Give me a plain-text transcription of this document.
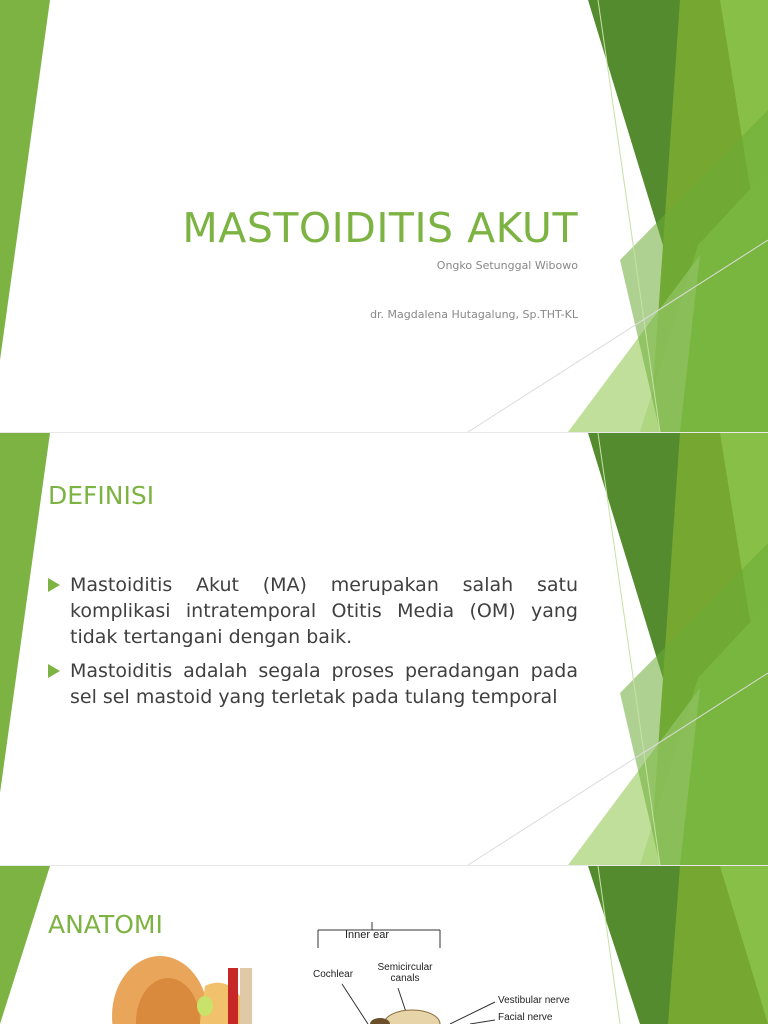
MASTOIDITIS AKUT
Ongko Setunggal Wibowo
dr. Magdalena Hutagalung, Sp.THT-KL
DEFINISI
Mastoiditis Akut (MA) merupakan salah satu komplikasi intratemporal Otitis Media (OM) yang tidak tertangani dengan baik.
Mastoiditis adalah segala proses peradangan pada sel sel mastoid yang terletak pada tulang temporal
ANATOMI	Inner ear
Cochlear
Semicircular
canals
Vestibular nerve
Facial nerve
